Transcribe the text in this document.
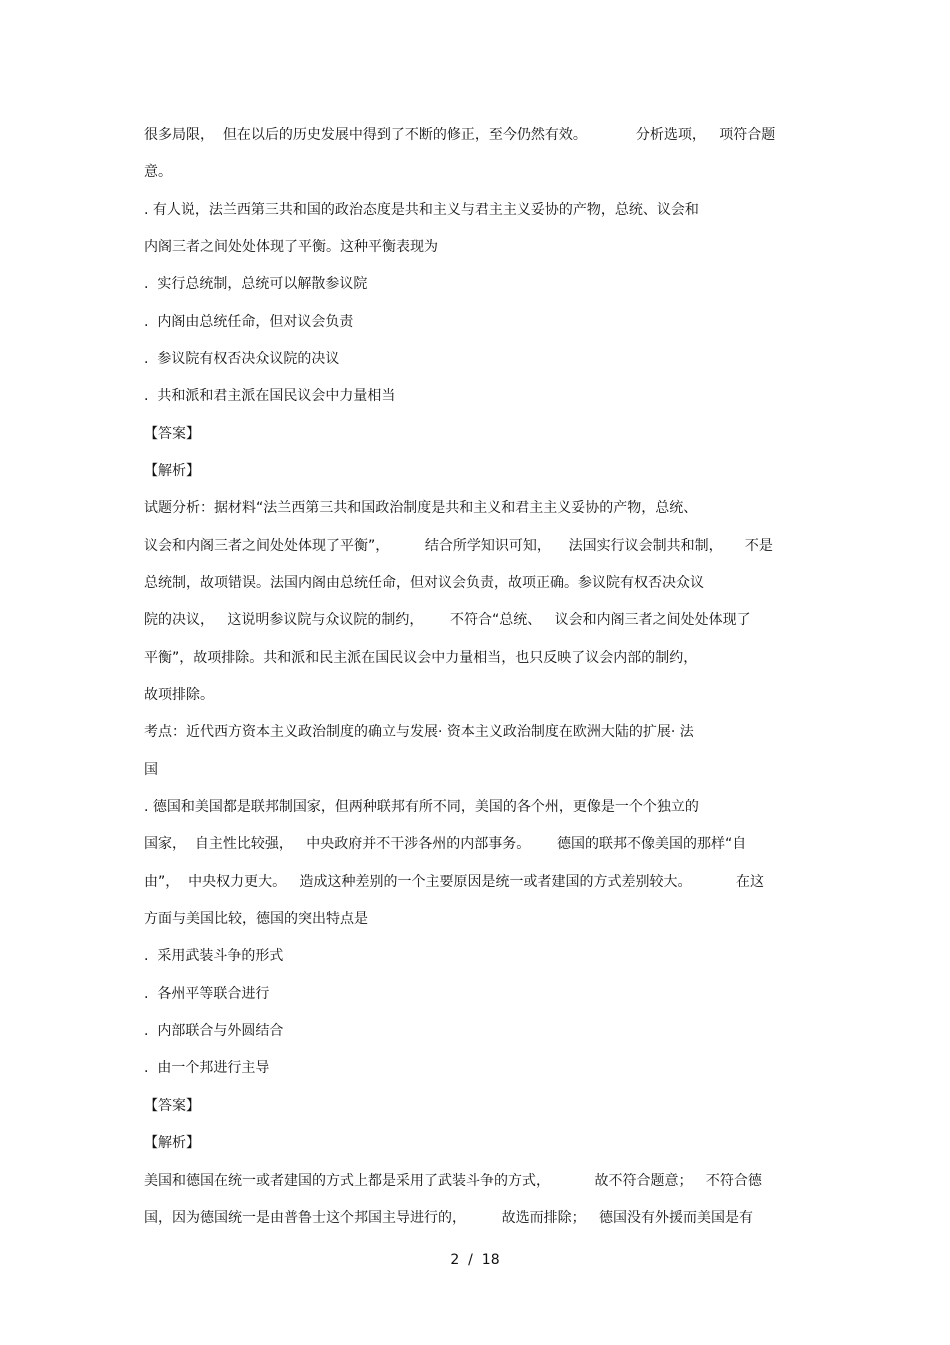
很多局限，  但在以后的历史发展中得到了不断的修正，至今仍然有效。           分析选项，   项符合题
意。
. 有人说，法兰西第三共和国的政治态度是共和主义与君主主义妥协的产物，总统、议会和
内阁三者之间处处体现了平衡。这种平衡表现为
.  实行总统制，总统可以解散参议院
.  内阁由总统任命，但对议会负责
.  参议院有权否决众议院的决议
.  共和派和君主派在国民议会中力量相当
【答案】
【解析】
试题分析：据材料“法兰西第三共和国政治制度是共和主义和君主主义妥协的产物，总统、
议会和内阁三者之间处处体现了平衡”，        结合所学知识可知，    法国实行议会制共和制，     不是
总统制，故项错误。法国内阁由总统任命，但对议会负责，故项正确。参议院有权否决众议
院的决议，   这说明参议院与众议院的制约，      不符合“总统、   议会和内阁三者之间处处体现了
平衡”，故项排除。共和派和民主派在国民议会中力量相当，也只反映了议会内部的制约，
故项排除。
考点：近代西方资本主义政治制度的确立与发展· 资本主义政治制度在欧洲大陆的扩展· 法
国
. 德国和美国都是联邦制国家，但两种联邦有所不同，美国的各个州，更像是一个个独立的
国家，  自主性比较强，   中央政府并不干涉各州的内部事务。      德国的联邦不像美国的那样“自
由”，  中央权力更大。   造成这种差别的一个主要原因是统一或者建国的方式差别较大。          在这
方面与美国比较，德国的突出特点是
.  采用武装斗争的形式
.  各州平等联合进行
.  内部联合与外圆结合
.  由一个邦进行主导
【答案】
【解析】
美国和德国在统一或者建国的方式上都是采用了武装斗争的方式，          故不符合题意；   不符合德
国，因为德国统一是由普鲁士这个邦国主导进行的，        故选而排除；   德国没有外援而美国是有
2  /  18
